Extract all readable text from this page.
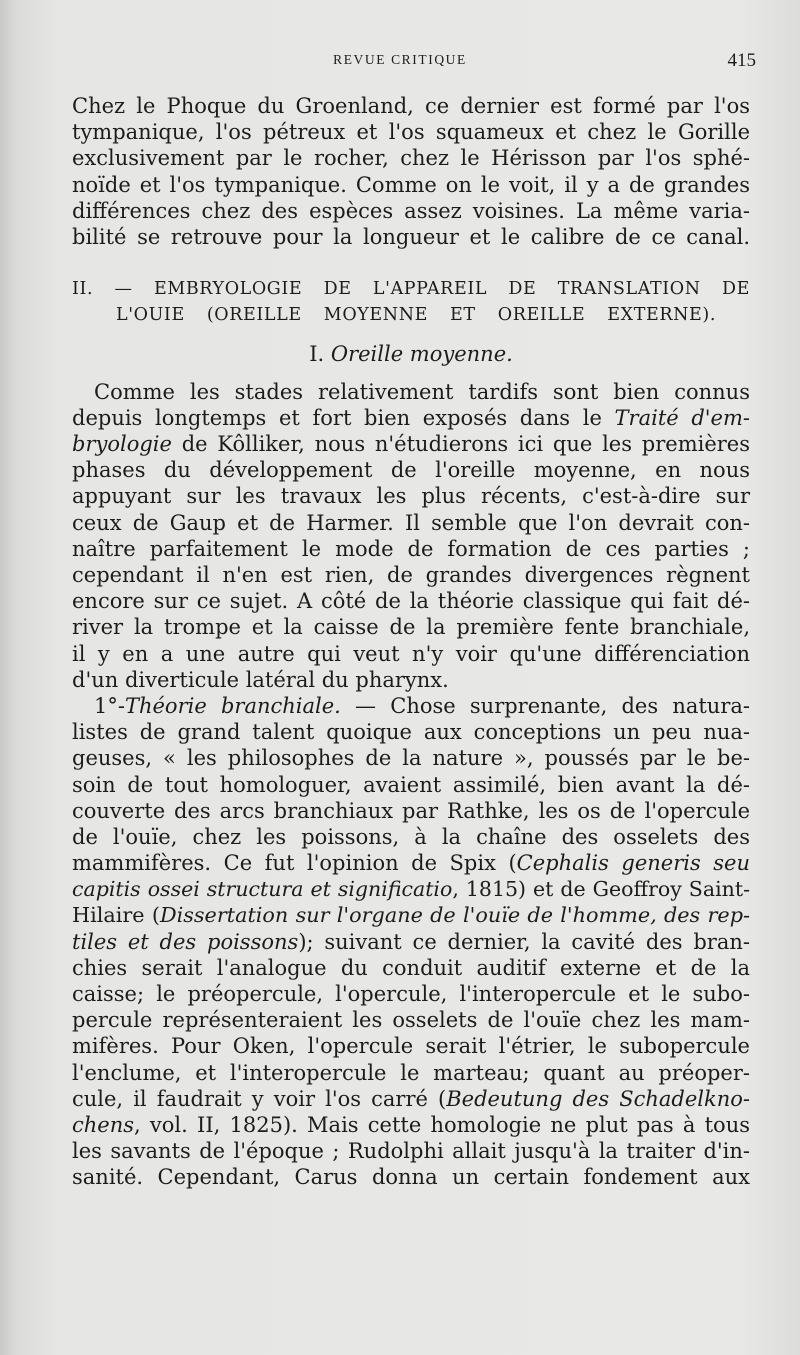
REVUE CRITIQUE	415
Chez le Phoque du Groenland, ce dernier est formé par l'os
tympanique, l'os pétreux et l'os squameux et chez le Gorille
exclusivement par le rocher, chez le Hérisson par l'os sphé-
noïde et l'os tympanique. Comme on le voit, il y a de grandes
différences chez des espèces assez voisines. La même varia-
bilité se retrouve pour la longueur et le calibre de ce canal.
II. — EMBRYOLOGIE DE L'APPAREIL DE TRANSLATION DE
L'OUIE (OREILLE MOYENNE ET OREILLE EXTERNE).
I. Oreille moyenne.
Comme les stades relativement tardifs sont bien connus
depuis longtemps et fort bien exposés dans le Traité d'em-
bryologie de Kôlliker, nous n'étudierons ici que les premières
phases du développement de l'oreille moyenne, en nous
appuyant sur les travaux les plus récents, c'est-à-dire sur
ceux de Gaup et de Harmer. Il semble que l'on devrait con-
naître parfaitement le mode de formation de ces parties ;
cependant il n'en est rien, de grandes divergences règnent
encore sur ce sujet. A côté de la théorie classique qui fait dé-
river la trompe et la caisse de la première fente branchiale,
il y en a une autre qui veut n'y voir qu'une différenciation
d'un diverticule latéral du pharynx.
1°-Théorie branchiale. — Chose surprenante, des natura-
listes de grand talent quoique aux conceptions un peu nua-
geuses, « les philosophes de la nature », poussés par le be-
soin de tout homologuer, avaient assimilé, bien avant la dé-
couverte des arcs branchiaux par Rathke, les os de l'opercule
de l'ouïe, chez les poissons, à la chaîne des osselets des
mammifères. Ce fut l'opinion de Spix (Cephalis generis seu
capitis ossei structura et significatio, 1815) et de Geoffroy Saint-
Hilaire (Dissertation sur l'organe de l'ouïe de l'homme, des rep-
tiles et des poissons); suivant ce dernier, la cavité des bran-
chies serait l'analogue du conduit auditif externe et de la
caisse; le préopercule, l'opercule, l'interopercule et le subo-
percule représenteraient les osselets de l'ouïe chez les mam-
mifères. Pour Oken, l'opercule serait l'étrier, le subopercule
l'enclume, et l'interopercule le marteau; quant au préoper-
cule, il faudrait y voir l'os carré (Bedeutung des Schadelkno-
chens, vol. II, 1825). Mais cette homologie ne plut pas à tous
les savants de l'époque ; Rudolphi allait jusqu'à la traiter d'in-
sanité. Cependant, Carus donna un certain fondement aux
